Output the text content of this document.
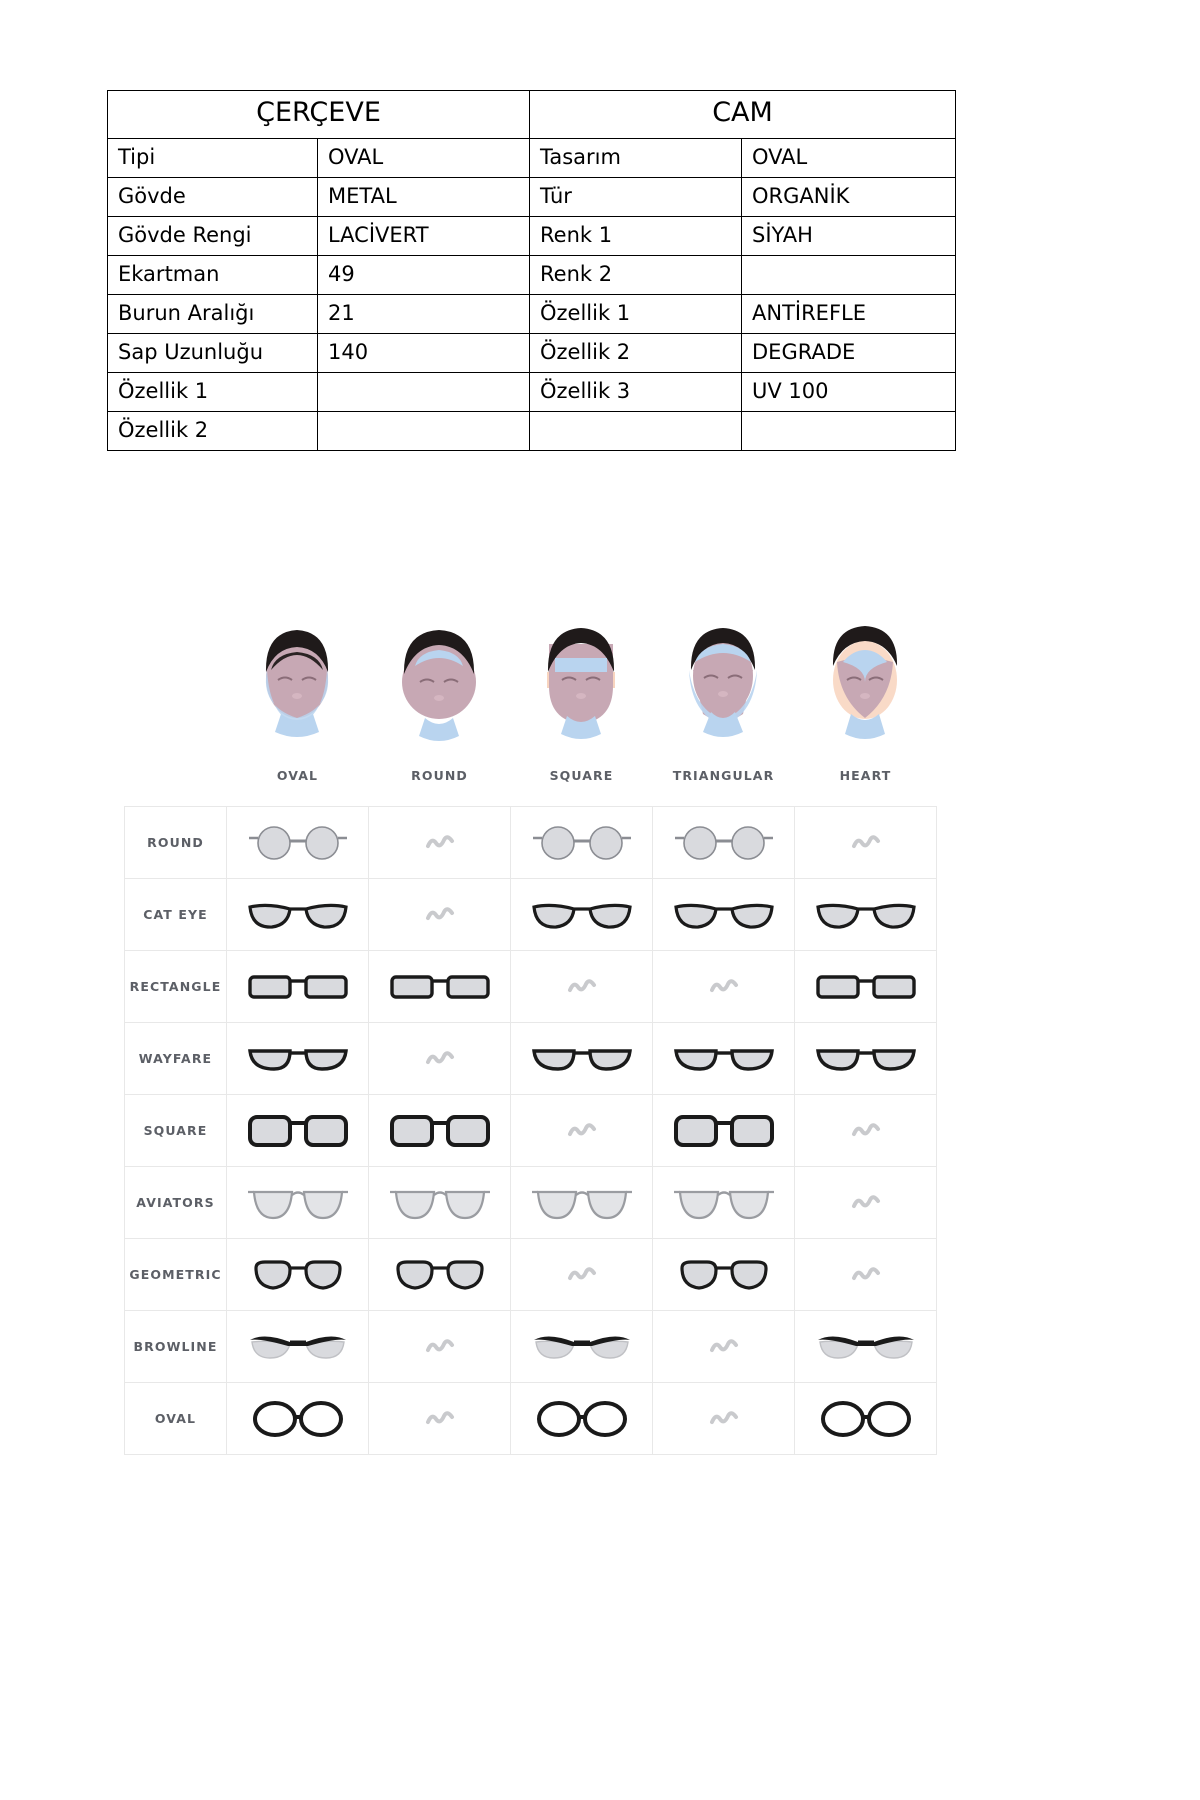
ÇERÇEVE		CAM	
Tipi	OVAL	Tasarım	OVAL
Gövde	METAL	Tür	ORGANİK
Gövde Rengi	LACİVERT	Renk 1	SİYAH
Ekartman	49	Renk 2	
Burun Aralığı	21	Özellik 1	ANTİREFLE
Sap Uzunluğu	140	Özellik 2	DEGRADE
Özellik 1		Özellik 3	UV 100
Özellik 2			
	OVAL	ROUND	SQUARE	TRIANGULAR	HEART
ROUND	

CAT EYE	

RECTANGLE	

WAYFARE	

SQUARE	

AVIATORS	

GEOMETRIC	

BROWLINE	

OVAL	
